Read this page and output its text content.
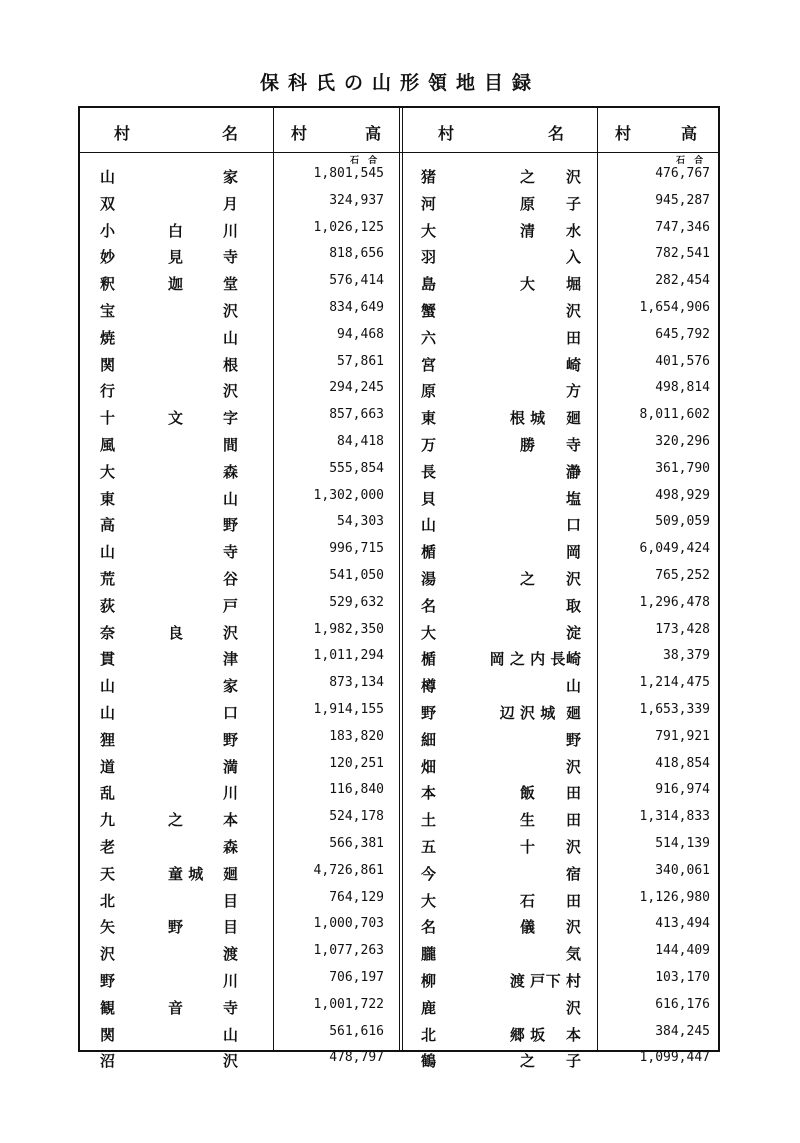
保科氏の山形領地目録
村	名	村	高	村	名	村	高
石 合	石 合
山	家	1,801,545 猪	之	沢	476,767
双	月	324,937 河	原	子	945,287
小	白	川	1,026,125 大	清	水	747,346
妙	見	寺	818,656 羽	入	782,541
釈	迦	堂	576,414 島	大	堀	282,454
宝	沢	834,649 蟹	沢	1,654,906
焼	山	94,468 六	田	645,792
関	根	57,861 宮	崎	401,576
行	沢	294,245 原	方	498,814
十	文	字	857,663 東	根 城	廻	8,011,602
風	間	84,418 万	勝	寺	320,296
大	森	555,854 長	瀞	361,790
東	山	1,302,000 貝	塩	498,929
高	野	54,303 山	口	509,059
山	寺	996,715 楯	岡	6,049,424
荒	谷	541,050 湯	之	沢	765,252
荻	戸	529,632 名	取	1,296,478
奈	良	沢	1,982,350 大	淀	173,428
貫	津	1,011,294 楯	岡 之 内 長 崎	38,379
山	家	873,134 樽	山	1,214,475
山	口	1,914,155 野	辺 沢 城 廻	1,653,339
狸	野	183,820 細	野	791,921
道	満	120,251 畑	沢	418,854
乱	川	116,840 本	飯	田	916,974
九	之	本	524,178 土	生	田	1,314,833
老	森	566,381 五	十	沢	514,139
天	童 城 廻	4,726,861 今	宿	340,061
北	目	764,129 大	石	田	1,126,980
矢	野	目	1,000,703 名	儀	沢	413,494
沢	渡	1,077,263 朧	気	144,409
野	川	706,197 柳	渡 戸 下 村	103,170
観	音	寺	1,001,722 鹿	沢	616,176
関	山	561,616 北	郷 坂	本	384,245
沼	沢	478,797 鶴	之	子	1,099,447
